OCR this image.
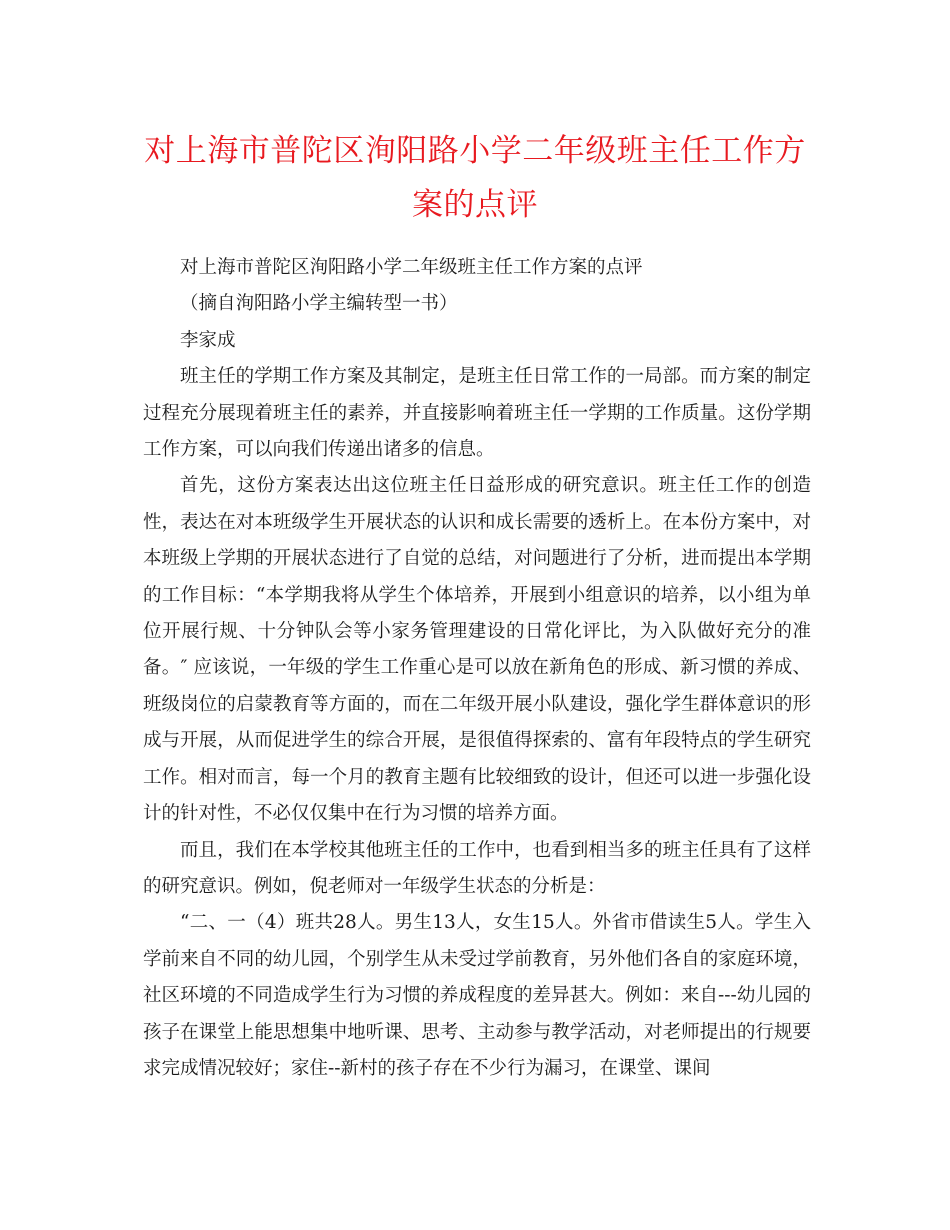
对上海市普陀区洵阳路小学二年级班主任工作方案的点评

对上海市普陀区洵阳路小学二年级班主任工作方案的点评

（摘自洵阳路小学主编转型一书）

李家成

班主任的学期工作方案及其制定，是班主任日常工作的一局部。而方案的制定过程充分展现着班主任的素养，并直接影响着班主任一学期的工作质量。这份学期工作方案，可以向我们传递出诸多的信息。

首先，这份方案表达出这位班主任日益形成的研究意识。班主任工作的创造性，表达在对本班级学生开展状态的认识和成长需要的透析上。在本份方案中，对本班级上学期的开展状态进行了自觉的总结，对问题进行了分析，进而提出本学期的工作目标：“本学期我将从学生个体培养，开展到小组意识的培养，以小组为单位开展行规、十分钟队会等小家务管理建设的日常化评比，为入队做好充分的准备。″ 应该说，一年级的学生工作重心是可以放在新角色的形成、新习惯的养成、班级岗位的启蒙教育等方面的，而在二年级开展小队建设，强化学生群体意识的形成与开展，从而促进学生的综合开展，是很值得探索的、富有年段特点的学生研究工作。相对而言，每一个月的教育主题有比较细致的设计，但还可以进一步强化设计的针对性，不必仅仅集中在行为习惯的培养方面。

而且，我们在本学校其他班主任的工作中，也看到相当多的班主任具有了这样的研究意识。例如，倪老师对一年级学生状态的分析是：

“二、一（4）班共28人。男生13人，女生15人。外省市借读生5人。学生入学前来自不同的幼儿园，个别学生从未受过学前教育，另外他们各自的家庭环境，社区环境的不同造成学生行为习惯的养成程度的差异甚大。例如：来自---幼儿园的孩子在课堂上能思想集中地听课、思考、主动参与教学活动，对老师提出的行规要求完成情况较好；家住--新村的孩子存在不少行为漏习，在课堂、课间
